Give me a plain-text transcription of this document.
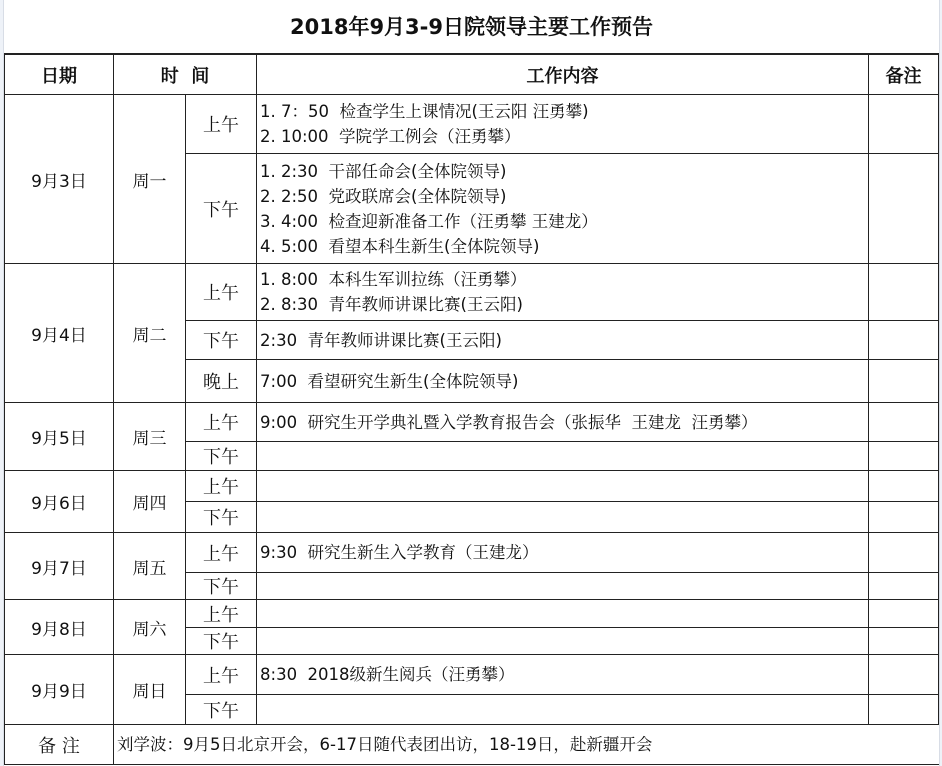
2018年9月3-9日院领导主要工作预告
日期	时  间		工作内容	备注
9月3日	周一	上午	1. 7：50  检查学生上课情况(王云阳 汪勇攀)
2. 10:00  学院学工例会（汪勇攀）	

		下午	1. 2:30  干部任命会(全体院领导)
2. 2:50  党政联席会(全体院领导)
3. 4:00  检查迎新准备工作（汪勇攀 王建龙）
4. 5:00  看望本科生新生(全体院领导)	

9月4日	周二	上午	1. 8:00  本科生军训拉练（汪勇攀）
2. 8:30  青年教师讲课比赛(王云阳)	

		下午	2:30  青年教师讲课比赛(王云阳)	

		晚上	7:00  看望研究生新生(全体院领导)	

9月5日	周三	上午	9:00  研究生开学典礼暨入学教育报告会（张振华  王建龙  汪勇攀）	

		下午	

9月6日	周四	上午	

		下午	

9月7日	周五	上午	9:30  研究生新生入学教育（王建龙）	

		下午	

9月8日	周六	上午	

		下午	

9月9日	周日	上午	8:30  2018级新生阅兵（汪勇攀）	

		下午	

备 注	刘学波：9月5日北京开会，6-17日随代表团出访，18-19日，赴新疆开会			
